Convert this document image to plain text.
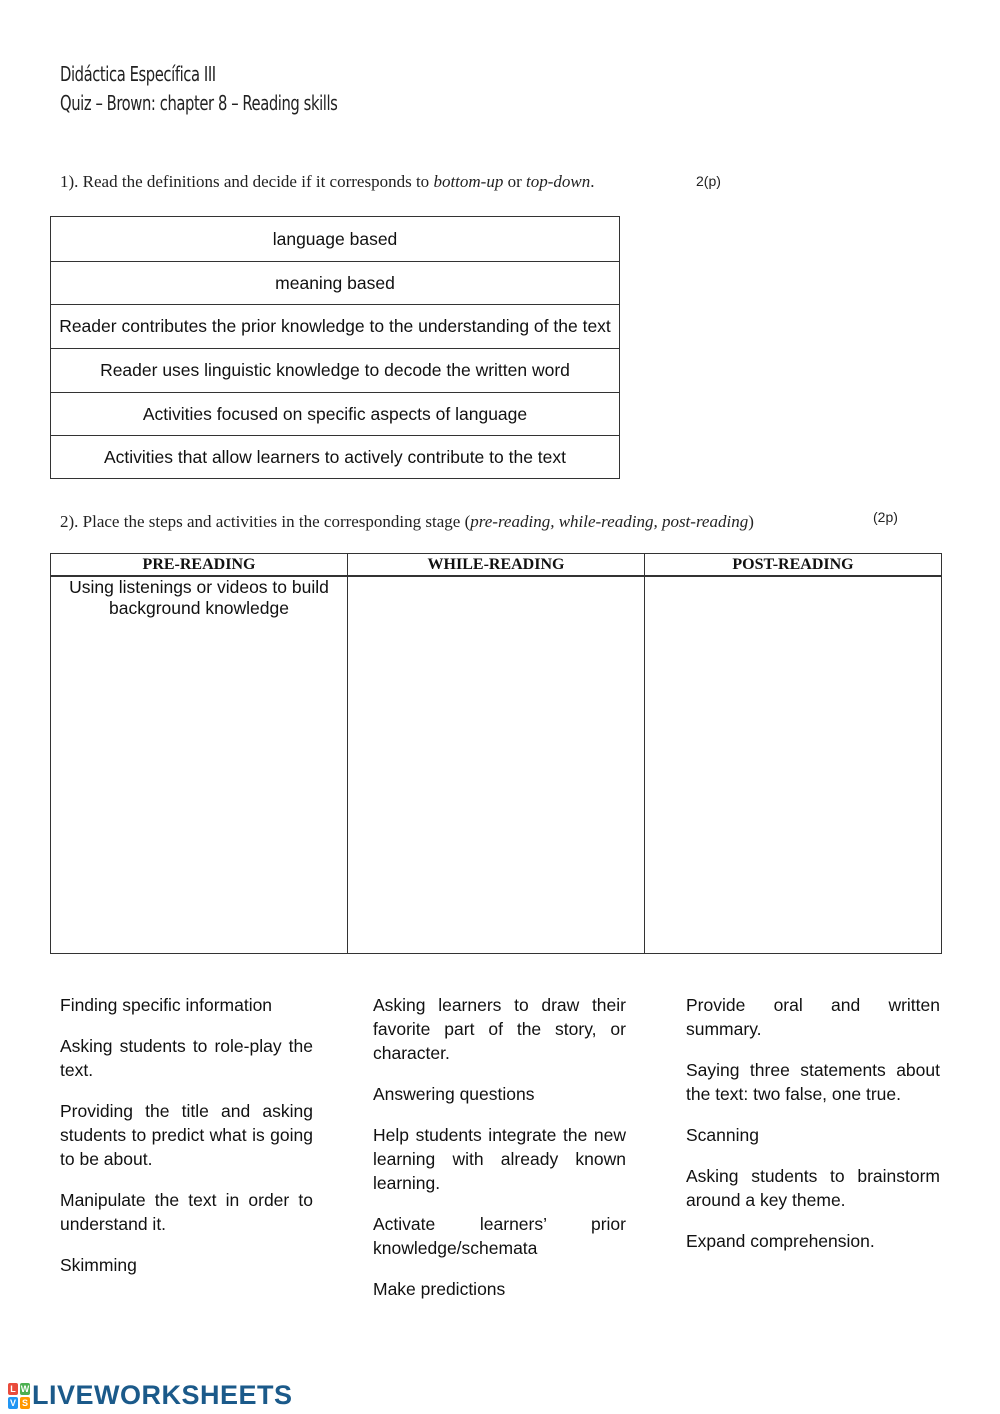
Didáctica Específica III
Quiz – Brown: chapter 8 – Reading skills
1). Read the definitions and decide if it corresponds to bottom-up or top-down.	2(p)
language based
meaning based
Reader contributes the prior knowledge to the understanding of the text
Reader uses linguistic knowledge to decode the written word
Activities focused on specific aspects of language
Activities that allow learners to actively contribute to the text
2). Place the steps and activities in the corresponding stage (pre-reading, while-reading, post-reading)	(2p)
PRE-READING	WHILE-READING	POST-READING
Using listenings or videos to build background knowledge		

Finding specific information

Asking students to role-play the text.

Providing the title and asking students to predict what is going to be about.

Manipulate the text in order to understand it.

Skimming

Asking learners to draw their favorite part of the story, or character.

Answering questions

Help students integrate the new learning with already known learning.

Activate learners’ prior knowledge/schemata

Make predictions

Provide oral and written summary.

Saying three statements about the text: two false, one true.

Scanning

Asking students to brainstorm around a key theme.

Expand comprehension.

L W
V S LIVEWORKSHEETS
